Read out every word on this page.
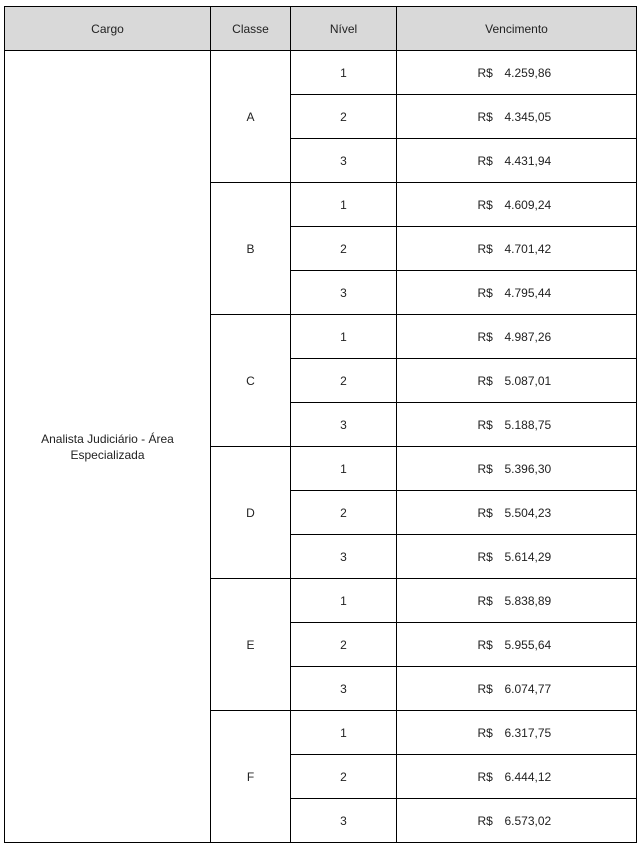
Cargo	Classe	Nível	Vencimento

Analista Judiciário - Área
Especializada	A	1	R$ 4.259,86
		2	R$ 4.345,05
		3	R$ 4.431,94
	B	1	R$ 4.609,24
		2	R$ 4.701,42
		3	R$ 4.795,44
	C	1	R$ 4.987,26
		2	R$ 5.087,01
		3	R$ 5.188,75
	D	1	R$ 5.396,30
		2	R$ 5.504,23
		3	R$ 5.614,29
	E	1	R$ 5.838,89
		2	R$ 5.955,64
		3	R$ 6.074,77
	F	1	R$ 6.317,75
		2	R$ 6.444,12
		3	R$ 6.573,02
